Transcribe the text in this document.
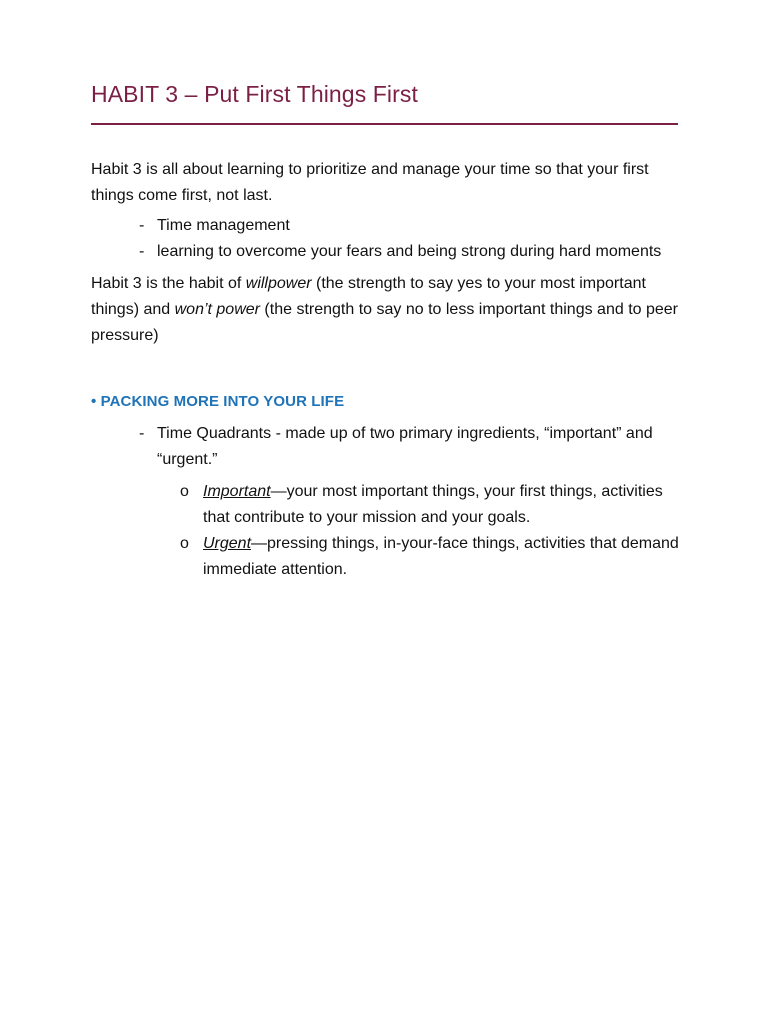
HABIT 3 – Put First Things First

Habit 3 is all about learning to prioritize and manage your time so that your first things come first, not last.

- Time management
- learning to overcome your fears and being strong during hard moments

Habit 3 is the habit of willpower (the strength to say yes to your most important things) and won’t power (the strength to say no to less important things and to peer pressure)

• PACKING MORE INTO YOUR LIFE
- Time Quadrants - made up of two primary ingredients, “important” and “urgent.”
o Important—your most important things, your first things, activities that contribute to your mission and your goals.
o Urgent—pressing things, in-your-face things, activities that demand immediate attention.
